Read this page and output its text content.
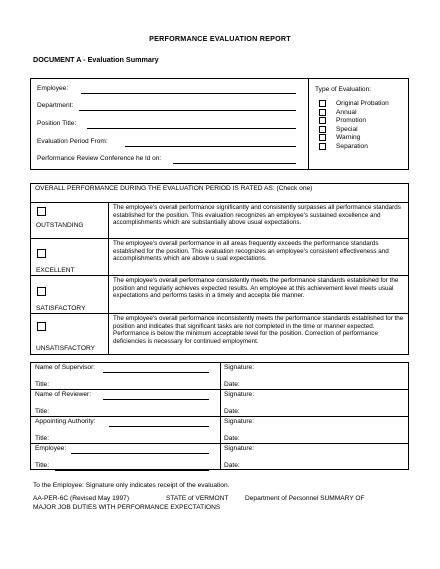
PERFORMANCE EVALUATION REPORT
DOCUMENT A - Evaluation Summary
Employee:
Department:
Position Title:
Evaluation Period From:
Performance Review Conference he ld on:
Type of Evaluation:
Original Probation
Annual
Promotion
Special
Warning
Separation
OVERALL PERFORMANCE DURING THE EVALUATION PERIOD IS RATED AS: (Check one)
OUTSTANDING
The employee's overall performance significantly and consistently surpasses all performance standards established for the position. This evaluation recognizes an employee's sustained excellence and accomplishments which are substantially above usual expectations.
EXCELLENT
The employee's overall performance in all areas frequently exceeds the performance standards established for the position. This evaluation recognizes an employee's consistent effectiveness and accomplishments which are above u sual expectations.
SATISFACTORY
The employee's overall performance consistently meets the performance standards established for the position and regularly achieves expected results. An employee at this achievement level meets usual expectations and performs tasks in a timely and accepta ble manner.
UNSATISFACTORY
The employee's overall performance inconsistently meets the performance standards established for the position and indicates that significant tasks are not completed in the time or manner expected. Performance is below the minimum acceptable level for the position. Correction of performance deficiencies is necessary for continued employment.
Name of Supervisor:
Title:
Signature:
Date:
Name of Reviewer:
Title:
Signature:
Date:
Appointing Authority:
Title:
Signature:
Date:
Employee:
Title:
Signature:
Date:
To the Employee: Signature only indicates receipt of the evaluation.
AA-PER-6C (Revised May 1997)	STATE of VERMONT	Department of Personnel SUMMARY OF
MAJOR JOB DUTIES WITH PERFORMANCE EXPECTATIONS
